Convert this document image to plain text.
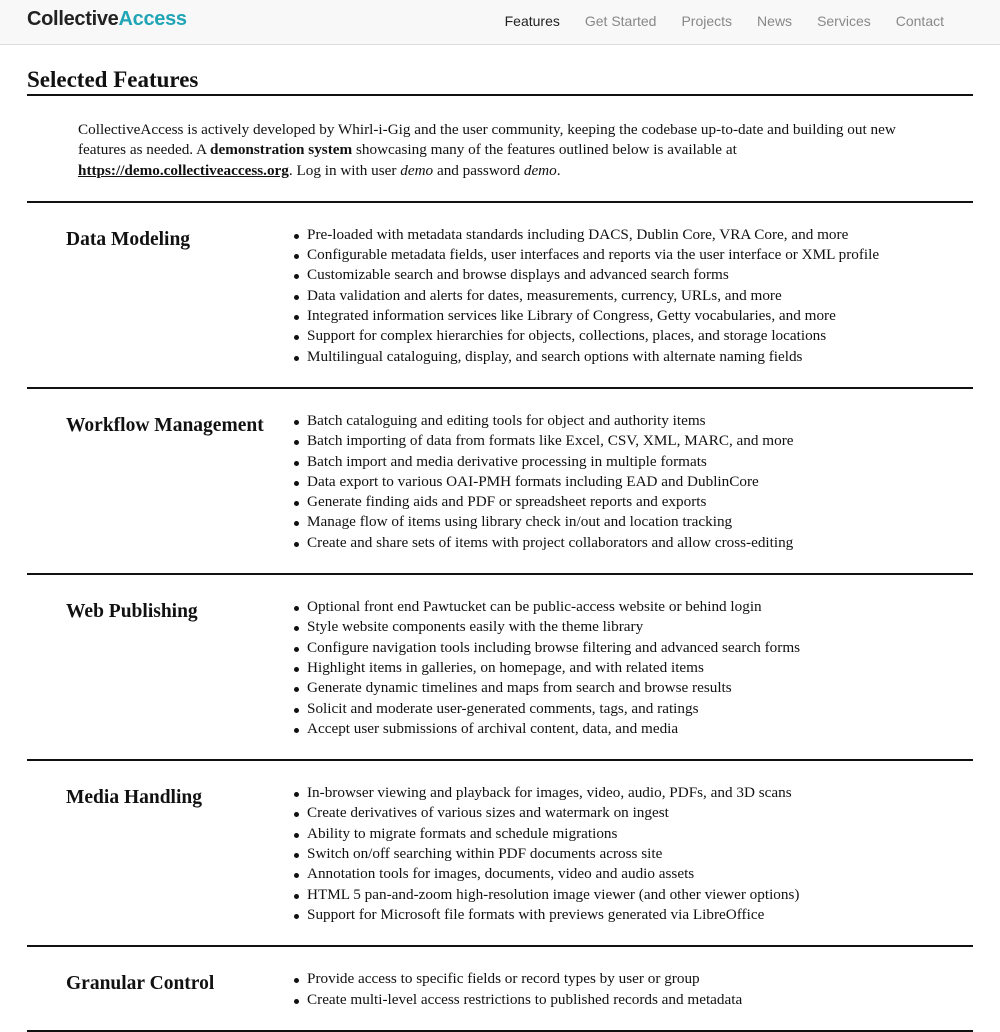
CollectiveAccess	Features Get Started Projects News Services Contact
Selected Features

CollectiveAccess is actively developed by Whirl-i-Gig and the user community, keeping the codebase up-to-date and building out new features as needed. A demonstration system showcasing many of the features outlined below is available at https://demo.collectiveaccess.org. Log in with user demo and password demo.

Data Modeling	Pre-loaded with metadata standards including DACS, Dublin Core, VRA Core, and more
Configurable metadata fields, user interfaces and reports via the user interface or XML profile
Customizable search and browse displays and advanced search forms
Data validation and alerts for dates, measurements, currency, URLs, and more
Integrated information services like Library of Congress, Getty vocabularies, and more
Support for complex hierarchies for objects, collections, places, and storage locations
Multilingual cataloguing, display, and search options with alternate naming fields
Workflow Management	Batch cataloguing and editing tools for object and authority items
Batch importing of data from formats like Excel, CSV, XML, MARC, and more
Batch import and media derivative processing in multiple formats
Data export to various OAI-PMH formats including EAD and DublinCore
Generate finding aids and PDF or spreadsheet reports and exports
Manage flow of items using library check in/out and location tracking
Create and share sets of items with project collaborators and allow cross-editing
Web Publishing	Optional front end Pawtucket can be public-access website or behind login
Style website components easily with the theme library
Configure navigation tools including browse filtering and advanced search forms
Highlight items in galleries, on homepage, and with related items
Generate dynamic timelines and maps from search and browse results
Solicit and moderate user-generated comments, tags, and ratings
Accept user submissions of archival content, data, and media
Media Handling	In-browser viewing and playback for images, video, audio, PDFs, and 3D scans
Create derivatives of various sizes and watermark on ingest
Ability to migrate formats and schedule migrations
Switch on/off searching within PDF documents across site
Annotation tools for images, documents, video and audio assets
HTML 5 pan-and-zoom high-resolution image viewer (and other viewer options)
Support for Microsoft file formats with previews generated via LibreOffice
Granular Control	Provide access to specific fields or record types by user or group
Create multi-level access restrictions to published records and metadata
